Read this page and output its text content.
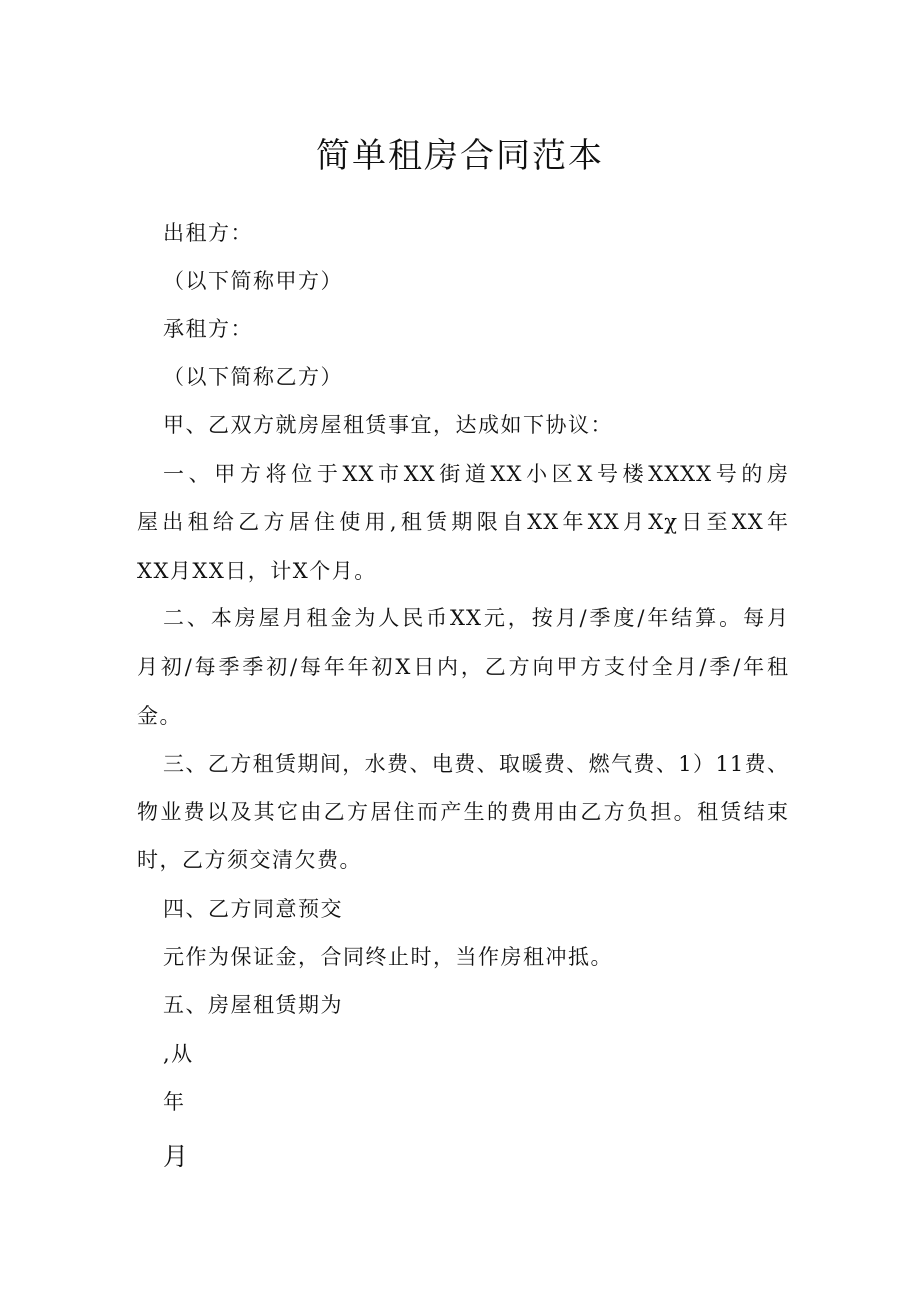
简单租房合同范本
出租方：
（以下简称甲方）
承租方：
（以下简称乙方）
甲、乙双方就房屋租赁事宜，达成如下协议：
一、甲方将位于XX市XX街道XX小区X号楼XXXX号的房
屋出租给乙方居住使用,租赁期限自XX年XX月Xχ日至XX年
XX月XX日，计X个月。
二、本房屋月租金为人民币XX元，按月/季度/年结算。每月
月初/每季季初/每年年初X日内，乙方向甲方支付全月/季/年租
金。
三、乙方租赁期间，水费、电费、取暖费、燃气费、1）11费、
物业费以及其它由乙方居住而产生的费用由乙方负担。租赁结束
时，乙方须交清欠费。
四、乙方同意预交
元作为保证金，合同终止时，当作房租冲抵。
五、房屋租赁期为
,从
年
月
